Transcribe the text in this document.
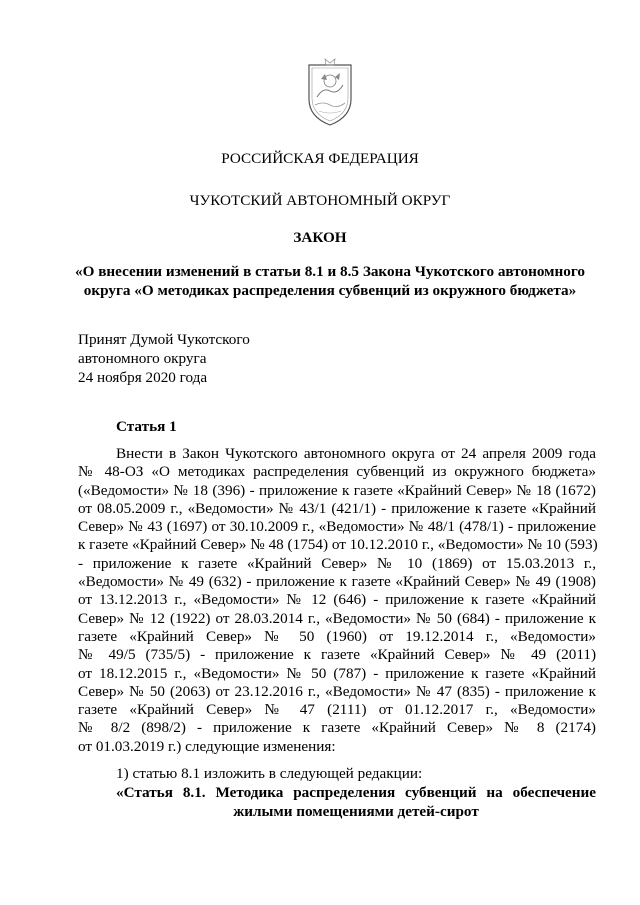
РОССИЙСКАЯ ФЕДЕРАЦИЯ
ЧУКОТСКИЙ АВТОНОМНЫЙ ОКРУГ
ЗАКОН
«О внесении изменений в статьи 8.1 и 8.5 Закона Чукотского автономного
округа «О методиках распределения субвенций из окружного бюджета»
Принят Думой Чукотского
автономного округа
24 ноября 2020 года
Статья 1
Внести в Закон Чукотского автономного округа от 24 апреля 2009 года
№ 48-ОЗ «О методиках распределения субвенций из окружного бюджета»
(«Ведомости» № 18 (396) - приложение к газете «Крайний Север» № 18 (1672)
от 08.05.2009 г., «Ведомости» № 43/1 (421/1) - приложение к газете «Крайний
Север» № 43 (1697) от 30.10.2009 г., «Ведомости» № 48/1 (478/1) - приложение
к газете «Крайний Север» № 48 (1754) от 10.12.2010 г., «Ведомости» № 10 (593)
- приложение к газете «Крайний Север» № 10 (1869) от 15.03.2013 г.,
«Ведомости» № 49 (632) - приложение к газете «Крайний Север» № 49 (1908)
от 13.12.2013 г., «Ведомости» № 12 (646) - приложение к газете «Крайний
Север» № 12 (1922) от 28.03.2014 г., «Ведомости» № 50 (684) - приложение к
газете «Крайний Север» № 50 (1960) от 19.12.2014 г., «Ведомости»
№ 49/5 (735/5) - приложение к газете «Крайний Север» № 49 (2011)
от 18.12.2015 г., «Ведомости» № 50 (787) - приложение к газете «Крайний
Север» № 50 (2063) от 23.12.2016 г., «Ведомости» № 47 (835) - приложение к
газете «Крайний Север» № 47 (2111) от 01.12.2017 г., «Ведомости»
№ 8/2 (898/2) - приложение к газете «Крайний Север» № 8 (2174)
от 01.03.2019 г.) следующие изменения:
1) статью 8.1 изложить в следующей редакции:
«Статья 8.1. Методика распределения субвенций на обеспечение
жилыми помещениями детей-сирот
